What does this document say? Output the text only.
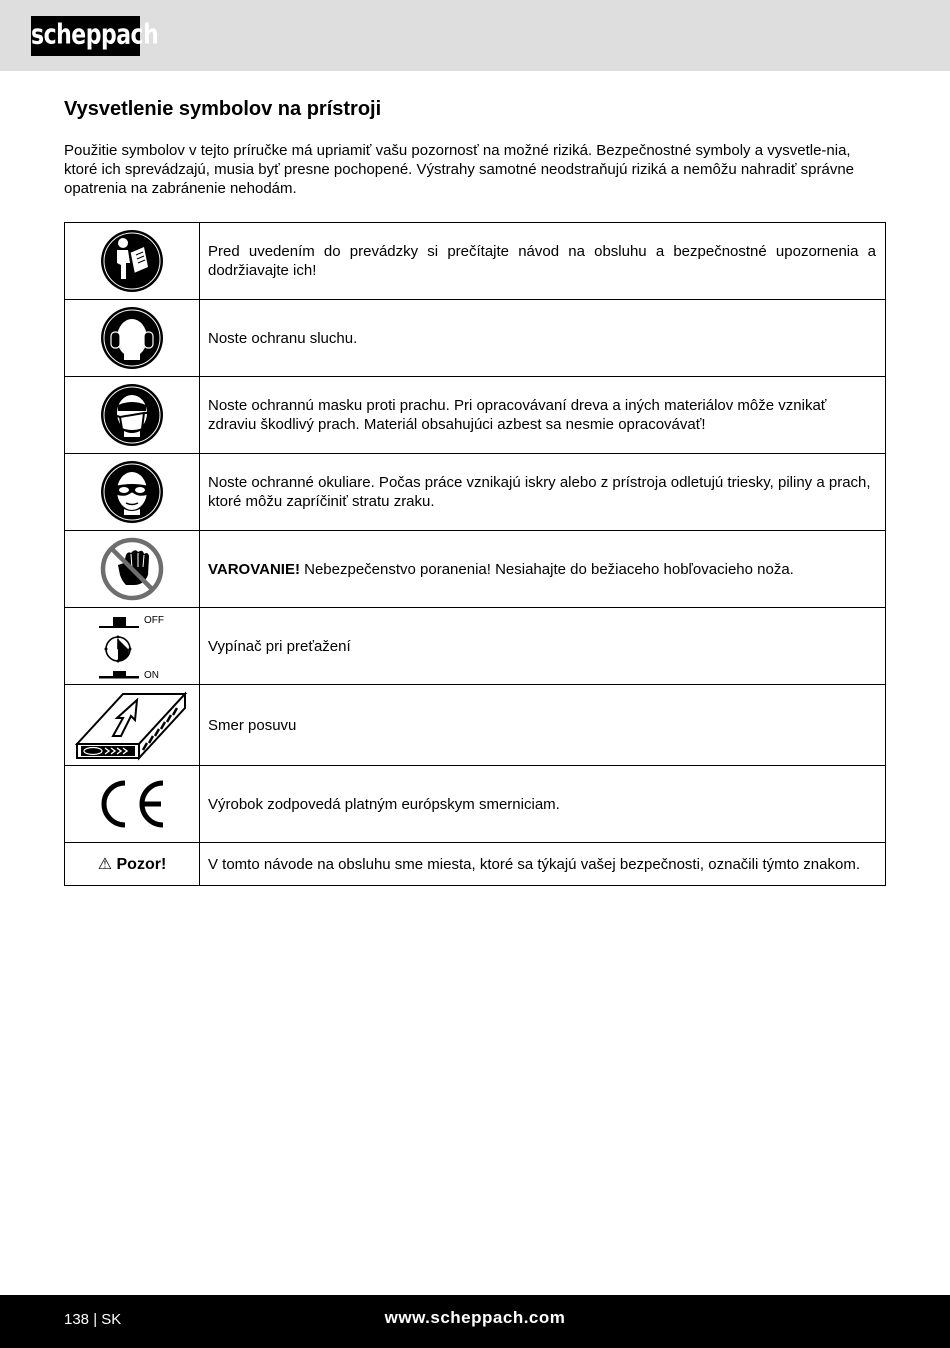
scheppach
Vysvetlenie symbolov na prístroji

Použitie symbolov v tejto príručke má upriamiť vašu pozornosť na možné riziká. Bezpečnostné symboly a vysvetle-nia, ktoré ich sprevádzajú, musia byť presne pochopené. Výstrahy samotné neodstraňujú riziká a nemôžu nahradiť správne opatrenia na zabránenie nehodám.

	Pred uvedením do prevádzky si prečítajte návod na obsluhu a bezpečnostné upozornenia a dodržiavajte ich!

	Noste ochranu sluchu.

	Noste ochrannú masku proti prachu. Pri opracovávaní dreva a iných materiálov môže vznikať zdraviu škodlivý prach. Materiál obsahujúci azbest sa nesmie opracovávať!

	Noste ochranné okuliare. Počas práce vznikajú iskry alebo z prístroja odletujú triesky, piliny a prach, ktoré môžu zapríčiniť stratu zraku.

	VAROVANIE! Nebezpečenstvo poranenia! Nesiahajte do bežiaceho hobľovacieho noža.

OFF
ON	Vypínač pri preťažení

	Smer posuvu

	Výrobok zodpovedá platným európskym smerniciam.
⚠ Pozor!	V tomto návode na obsluhu sme miesta, ktoré sa týkajú vašej bezpečnosti, označili týmto znakom.
138 | SK	www.scheppach.com
